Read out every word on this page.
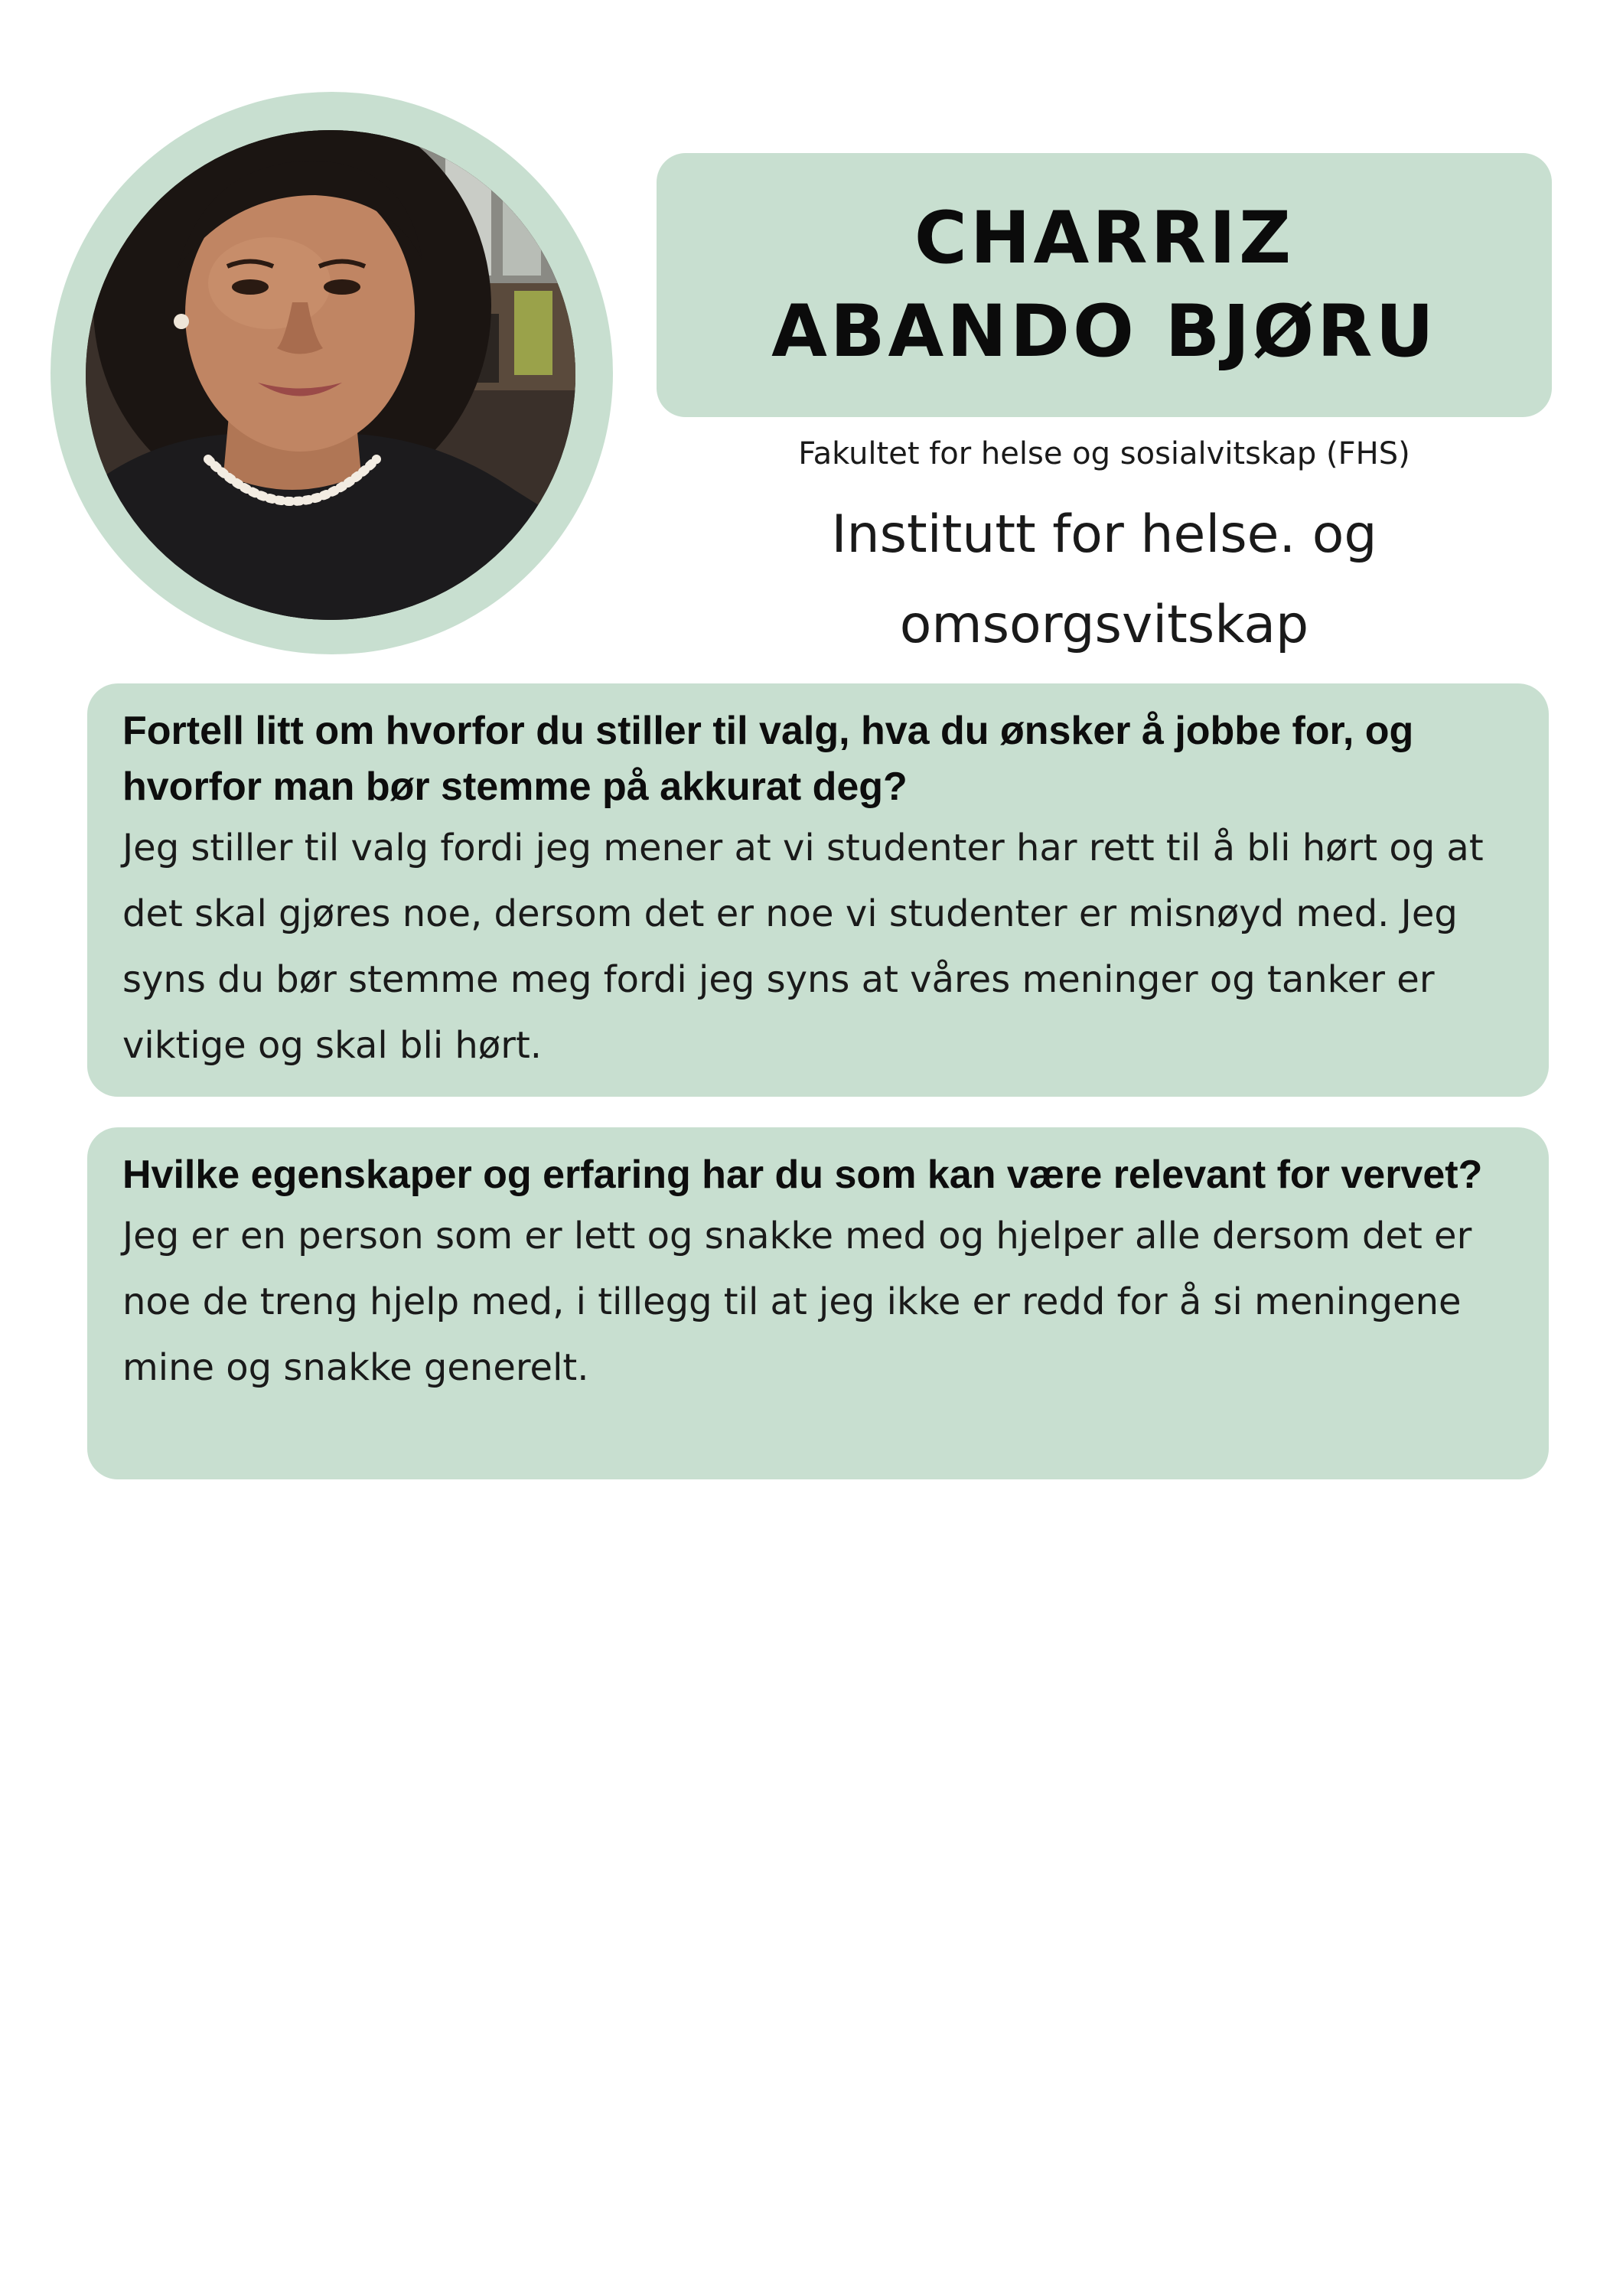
CHARRIZ
ABANDO BJØRU
Fakultet for helse og sosialvitskap (FHS)
Institutt for helse. og
omsorgsvitskap
Fortell litt om hvorfor du stiller til valg, hva du ønsker å jobbe for, og hvorfor man bør stemme på akkurat deg?
Jeg stiller til valg fordi jeg mener at vi studenter har rett til å bli hørt og at det skal gjøres noe, dersom det er noe vi studenter er misnøyd med. Jeg syns du bør stemme meg fordi jeg syns at våres meninger og tanker er viktige og skal bli hørt.
Hvilke egenskaper og erfaring har du som kan være relevant for vervet?
Jeg er en person som er lett og snakke med og hjelper alle dersom det er noe de treng hjelp med, i tillegg til at jeg ikke er redd for å si meningene mine og snakke generelt.
